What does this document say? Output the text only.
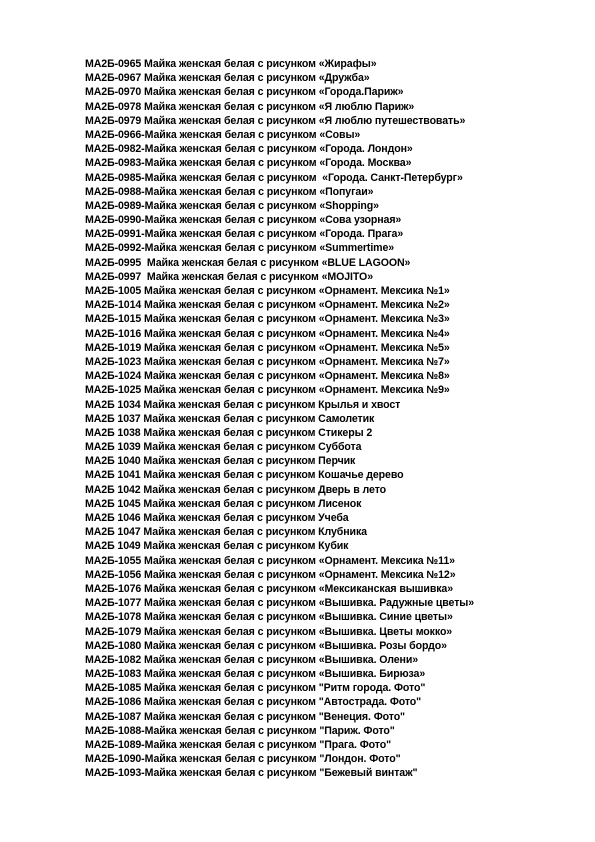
МА2Б-0965 Майка женская белая с рисунком «Жирафы»
МА2Б-0967 Майка женская белая с рисунком «Дружба»
МА2Б-0970 Майка женская белая с рисунком «Города.Париж»
МА2Б-0978 Майка женская белая с рисунком «Я люблю Париж»
МА2Б-0979 Майка женская белая с рисунком «Я люблю путешествовать»
МА2Б-0966-Майка женская белая с рисунком «Совы»
МА2Б-0982-Майка женская белая с рисунком «Города. Лондон»
МА2Б-0983-Майка женская белая с рисунком «Города. Москва»
МА2Б-0985-Майка женская белая с рисунком  «Города. Санкт-Петербург»
МА2Б-0988-Майка женская белая с рисунком «Попугаи»
МА2Б-0989-Майка женская белая с рисунком «Shopping»
МА2Б-0990-Майка женская белая с рисунком «Сова узорная»
МА2Б-0991-Майка женская белая с рисунком «Города. Прага»
МА2Б-0992-Майка женская белая с рисунком «Summertime»
МА2Б-0995  Майка женская белая с рисунком «BLUE LAGOON»
МА2Б-0997  Майка женская белая с рисунком «MOJITO»
МА2Б-1005 Майка женская белая с рисунком «Орнамент. Мексика №1»
МА2Б-1014 Майка женская белая с рисунком «Орнамент. Мексика №2»
МА2Б-1015 Майка женская белая с рисунком «Орнамент. Мексика №3»
МА2Б-1016 Майка женская белая с рисунком «Орнамент. Мексика №4»
МА2Б-1019 Майка женская белая с рисунком «Орнамент. Мексика №5»
МА2Б-1023 Майка женская белая с рисунком «Орнамент. Мексика №7»
МА2Б-1024 Майка женская белая с рисунком «Орнамент. Мексика №8»
МА2Б-1025 Майка женская белая с рисунком «Орнамент. Мексика №9»
МА2Б 1034 Майка женская белая с рисунком Крылья и хвост
МА2Б 1037 Майка женская белая с рисунком Самолетик
МА2Б 1038 Майка женская белая с рисунком Стикеры 2
МА2Б 1039 Майка женская белая с рисунком Суббота
МА2Б 1040 Майка женская белая с рисунком Перчик
МА2Б 1041 Майка женская белая с рисунком Кошачье дерево
МА2Б 1042 Майка женская белая с рисунком Дверь в лето
МА2Б 1045 Майка женская белая с рисунком Лисенок
МА2Б 1046 Майка женская белая с рисунком Учеба
МА2Б 1047 Майка женская белая с рисунком Клубника
МА2Б 1049 Майка женская белая с рисунком Кубик
МА2Б-1055 Майка женская белая с рисунком «Орнамент. Мексика №11»
МА2Б-1056 Майка женская белая с рисунком «Орнамент. Мексика №12»
МА2Б-1076 Майка женская белая с рисунком «Мексиканская вышивка»
МА2Б-1077 Майка женская белая с рисунком «Вышивка. Радужные цветы»
МА2Б-1078 Майка женская белая с рисунком «Вышивка. Синие цветы»
МА2Б-1079 Майка женская белая с рисунком «Вышивка. Цветы мокко»
МА2Б-1080 Майка женская белая с рисунком «Вышивка. Розы бордо»
МА2Б-1082 Майка женская белая с рисунком «Вышивка. Олени»
МА2Б-1083 Майка женская белая с рисунком «Вышивка. Бирюза»
МА2Б-1085 Майка женская белая с рисунком "Ритм города. Фото"
МА2Б-1086 Майка женская белая с рисунком "Автострада. Фото"
МА2Б-1087 Майка женская белая с рисунком "Венеция. Фото"
МА2Б-1088-Майка женская белая с рисунком "Париж. Фото"
МА2Б-1089-Майка женская белая с рисунком "Прага. Фото"
МА2Б-1090-Майка женская белая с рисунком "Лондон. Фото"
МА2Б-1093-Майка женская белая с рисунком "Бежевый винтаж"
